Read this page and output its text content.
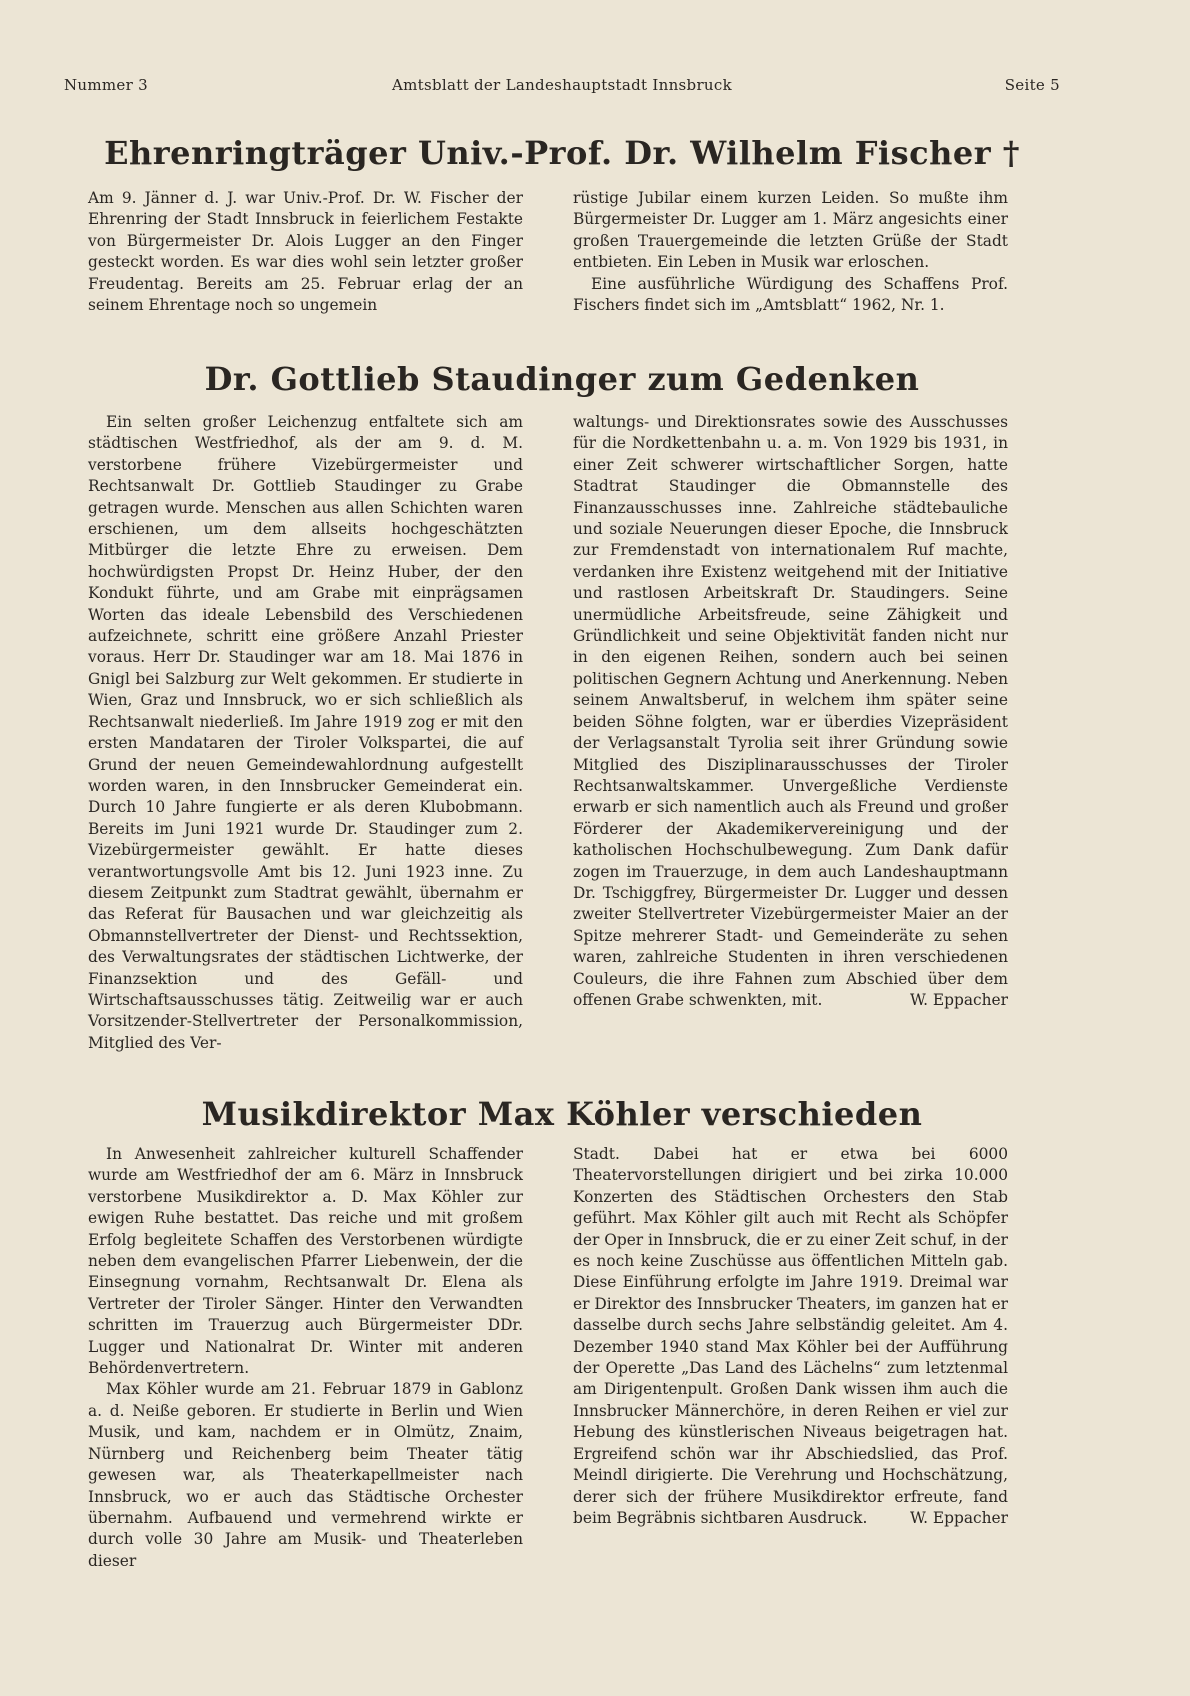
Nummer 3	Amtsblatt der Landeshauptstadt Innsbruck	Seite 5
Ehrenringträger Univ.-Prof. Dr. Wilhelm Fischer †

Am 9. Jänner d. J. war Univ.-Prof. Dr. W. Fischer der Ehrenring der Stadt Innsbruck in feierlichem Festakte von Bürgermeister Dr. Alois Lugger an den Finger gesteckt worden. Es war dies wohl sein letzter großer Freudentag. Bereits am 25. Februar erlag der an seinem Ehrentage noch so ungemein

rüstige Jubilar einem kurzen Leiden. So mußte ihm Bürgermeister Dr. Lugger am 1. März angesichts einer großen Trauergemeinde die letzten Grüße der Stadt entbieten. Ein Leben in Musik war erloschen.

Eine ausführliche Würdigung des Schaffens Prof. Fischers findet sich im „Amtsblatt“ 1962, Nr. 1.

Dr. Gottlieb Staudinger zum Gedenken

Ein selten großer Leichenzug entfaltete sich am städtischen Westfriedhof, als der am 9. d. M. verstorbene frühere Vizebürgermeister und Rechtsanwalt Dr. Gottlieb Staudinger zu Grabe getragen wurde. Menschen aus allen Schichten waren erschienen, um dem allseits hochgeschätzten Mitbürger die letzte Ehre zu erweisen. Dem hochwürdigsten Propst Dr. Heinz Huber, der den Kondukt führte, und am Grabe mit einprägsamen Worten das ideale Lebensbild des Verschiedenen aufzeichnete, schritt eine größere Anzahl Priester voraus. Herr Dr. Staudinger war am 18. Mai 1876 in Gnigl bei Salzburg zur Welt gekommen. Er studierte in Wien, Graz und Innsbruck, wo er sich schließlich als Rechtsanwalt niederließ. Im Jahre 1919 zog er mit den ersten Mandataren der Tiroler Volkspartei, die auf Grund der neuen Gemeindewahlordnung aufgestellt worden waren, in den Innsbrucker Gemeinderat ein. Durch 10 Jahre fungierte er als deren Klubobmann. Bereits im Juni 1921 wurde Dr. Staudinger zum 2. Vizebürgermeister gewählt. Er hatte dieses verantwortungsvolle Amt bis 12. Juni 1923 inne. Zu diesem Zeitpunkt zum Stadtrat gewählt, übernahm er das Referat für Bausachen und war gleichzeitig als Obmannstellvertreter der Dienst- und Rechtssektion, des Verwaltungsrates der städtischen Lichtwerke, der Finanzsektion und des Gefäll- und Wirtschaftsausschusses tätig. Zeitweilig war er auch Vorsitzender-Stellvertreter der Personalkommission, Mitglied des Ver-

waltungs- und Direktionsrates sowie des Ausschusses für die Nordkettenbahn u. a. m. Von 1929 bis 1931, in einer Zeit schwerer wirtschaftlicher Sorgen, hatte Stadtrat Staudinger die Obmannstelle des Finanzausschusses inne. Zahlreiche städtebauliche und soziale Neuerungen dieser Epoche, die Innsbruck zur Fremdenstadt von internationalem Ruf machte, verdanken ihre Existenz weitgehend mit der Initiative und rastlosen Arbeitskraft Dr. Staudingers. Seine unermüdliche Arbeitsfreude, seine Zähigkeit und Gründlichkeit und seine Objektivität fanden nicht nur in den eigenen Reihen, sondern auch bei seinen politischen Gegnern Achtung und Anerkennung. Neben seinem Anwaltsberuf, in welchem ihm später seine beiden Söhne folgten, war er überdies Vizepräsident der Verlagsanstalt Tyrolia seit ihrer Gründung sowie Mitglied des Disziplinarausschusses der Tiroler Rechtsanwaltskammer. Unvergeßliche Verdienste erwarb er sich namentlich auch als Freund und großer Förderer der Akademikervereinigung und der katholischen Hochschulbewegung. Zum Dank dafür zogen im Trauerzuge, in dem auch Landeshauptmann Dr. Tschiggfrey, Bürgermeister Dr. Lugger und dessen zweiter Stellvertreter Vizebürgermeister Maier an der Spitze mehrerer Stadt- und Gemeinderäte zu sehen waren, zahlreiche Studenten in ihren verschiedenen Couleurs, die ihre Fahnen zum Abschied über dem offenen Grabe schwenkten, mit.	W. Eppacher

Musikdirektor Max Köhler verschieden

In Anwesenheit zahlreicher kulturell Schaffender wurde am Westfriedhof der am 6. März in Innsbruck verstorbene Musikdirektor a. D. Max Köhler zur ewigen Ruhe bestattet. Das reiche und mit großem Erfolg begleitete Schaffen des Verstorbenen würdigte neben dem evangelischen Pfarrer Liebenwein, der die Einsegnung vornahm, Rechtsanwalt Dr. Elena als Vertreter der Tiroler Sänger. Hinter den Verwandten schritten im Trauerzug auch Bürgermeister DDr. Lugger und Nationalrat Dr. Winter mit anderen Behördenvertretern.

Max Köhler wurde am 21. Februar 1879 in Gablonz a. d. Neiße geboren. Er studierte in Berlin und Wien Musik, und kam, nachdem er in Olmütz, Znaim, Nürnberg und Reichenberg beim Theater tätig gewesen war, als Theaterkapellmeister nach Innsbruck, wo er auch das Städtische Orchester übernahm. Aufbauend und vermehrend wirkte er durch volle 30 Jahre am Musik- und Theaterleben dieser

Stadt. Dabei hat er etwa bei 6000 Theatervorstellungen dirigiert und bei zirka 10.000 Konzerten des Städtischen Orchesters den Stab geführt. Max Köhler gilt auch mit Recht als Schöpfer der Oper in Innsbruck, die er zu einer Zeit schuf, in der es noch keine Zuschüsse aus öffentlichen Mitteln gab. Diese Einführung erfolgte im Jahre 1919. Dreimal war er Direktor des Innsbrucker Theaters, im ganzen hat er dasselbe durch sechs Jahre selbständig geleitet. Am 4. Dezember 1940 stand Max Köhler bei der Aufführung der Operette „Das Land des Lächelns“ zum letztenmal am Dirigentenpult. Großen Dank wissen ihm auch die Innsbrucker Männerchöre, in deren Reihen er viel zur Hebung des künstlerischen Niveaus beigetragen hat. Ergreifend schön war ihr Abschiedslied, das Prof. Meindl dirigierte. Die Verehrung und Hochschätzung, derer sich der frühere Musikdirektor erfreute, fand beim Begräbnis sichtbaren Ausdruck.	W. Eppacher
